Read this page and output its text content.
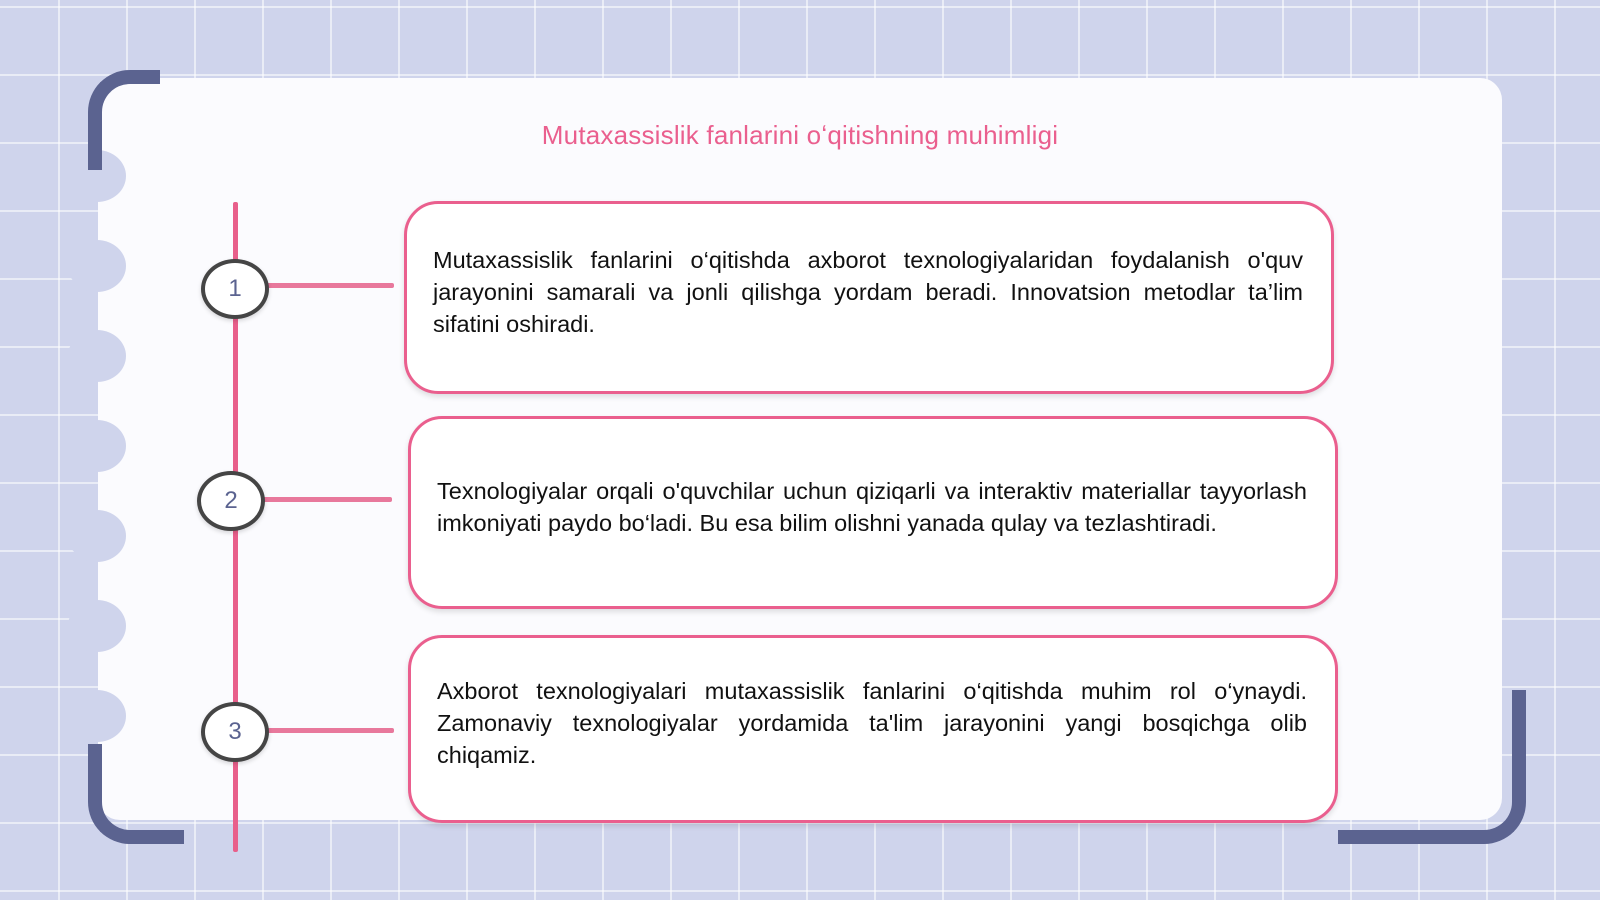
Mutaxassislik fanlarini oʻqitishning muhimligi
1
2
3

Mutaxassislik fanlarini o‘qitishda axborot texnologiyalaridan foydalanish o'quv jarayonini samarali va jonli qilishga yordam beradi. Innovatsion metodlar ta’lim sifatini oshiradi.

Texnologiyalar orqali o'quvchilar uchun qiziqarli va interaktiv materiallar tayyorlash imkoniyati paydo bo‘ladi. Bu esa bilim olishni yanada qulay va tezlashtiradi.

Axborot texnologiyalari mutaxassislik fanlarini o‘qitishda muhim rol o‘ynaydi. Zamonaviy texnologiyalar yordamida ta'lim jarayonini yangi bosqichga olib chiqamiz.
